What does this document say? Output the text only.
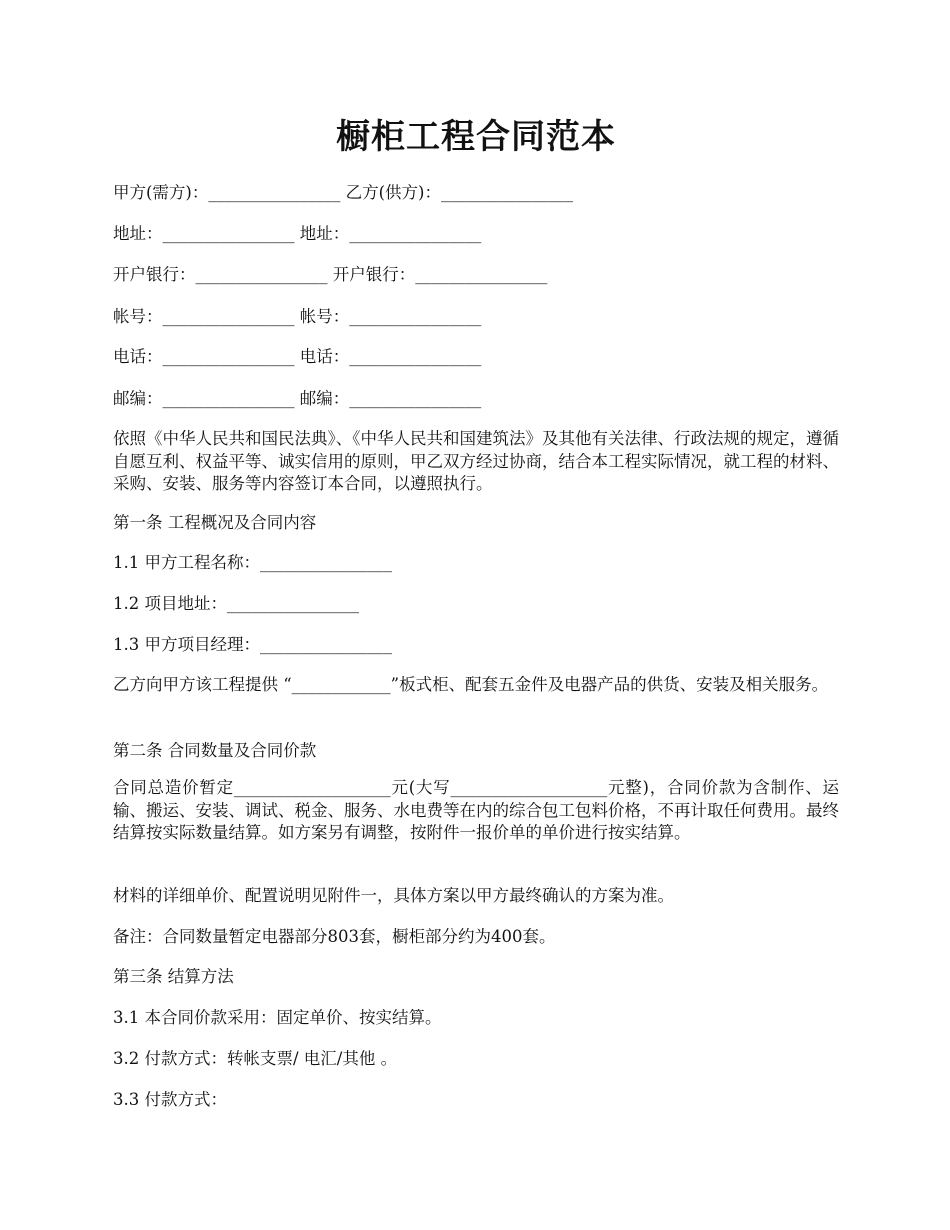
橱柜工程合同范本
甲方(需方)：________________ 乙方(供方)：________________
地址：________________ 地址：________________
开户银行：________________ 开户银行：________________
帐号：________________ 帐号：________________
电话：________________ 电话：________________
邮编：________________ 邮编：________________
依照《中华人民共和国民法典》、《中华人民共和国建筑法》及其他有关法律、行政法规的规定，遵循自愿互利、权益平等、诚实信用的原则，甲乙双方经过协商，结合本工程实际情况，就工程的材料、采购、安装、服务等内容签订本合同，以遵照执行。
第一条 工程概况及合同内容
1.1 甲方工程名称：________________
1.2 项目地址：________________
1.3 甲方项目经理：________________
乙方向甲方该工程提供 “____________”板式柜、配套五金件及电器产品的供货、安装及相关服务。
第二条 合同数量及合同价款
合同总造价暂定___________________元(大写___________________元整)，合同价款为含制作、运输、搬运、安装、调试、税金、服务、水电费等在内的综合包工包料价格，不再计取任何费用。最终结算按实际数量结算。如方案另有调整，按附件一报价单的单价进行按实结算。
材料的详细单价、配置说明见附件一，具体方案以甲方最终确认的方案为准。
备注：合同数量暂定电器部分803套，橱柜部分约为400套。
第三条 结算方法
3.1 本合同价款采用：固定单价、按实结算。
3.2 付款方式：转帐支票/ 电汇/其他 。
3.3 付款方式：
